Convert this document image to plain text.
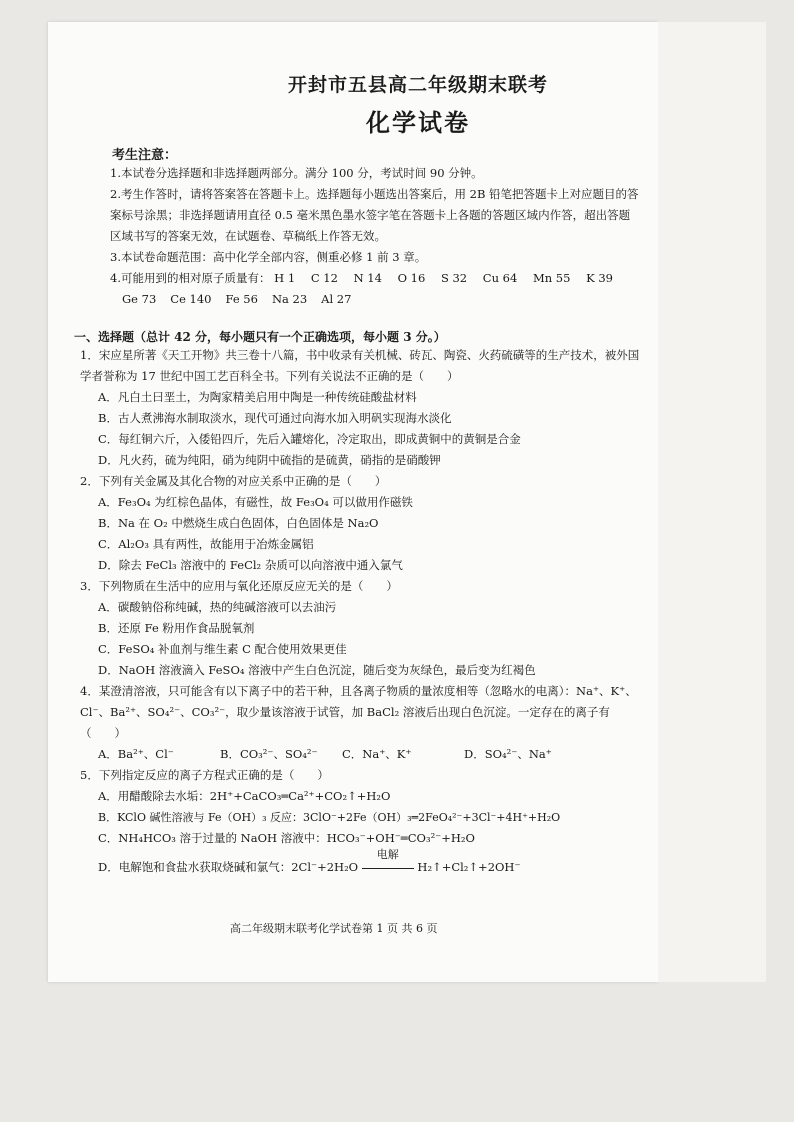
开封市五县高二年级期末联考
化学试卷
考生注意：
1.本试卷分选择题和非选择题两部分。满分 100 分，考试时间 90 分钟。
2.考生作答时，请将答案答在答题卡上。选择题每小题选出答案后，用 2B 铅笔把答题卡上对应题目的答案标号涂黑；非选择题请用直径 0.5 毫米黑色墨水签字笔在答题卡上各题的答题区域内作答，超出答题区域书写的答案无效，在试题卷、草稿纸上作答无效。
3.本试卷命题范围：高中化学全部内容，侧重必修 1 前 3 章。
4.可能用到的相对原子质量有： H 1 C 12 N 14 O 16 S 32 Cu 64 Mn 55 K 39
Ge 73 Ce 140 Fe 56 Na 23 Al 27
一、选择题（总计 42 分，每小题只有一个正确选项，每小题 3 分。）
1．宋应星所著《天工开物》共三卷十八篇，书中收录有关机械、砖瓦、陶瓷、火药硫磺等的生产技术，被外国学者誉称为 17 世纪中国工艺百科全书。下列有关说法不正确的是（　　）
A．凡白土曰垩土，为陶家精美启用中陶是一种传统硅酸盐材料
B．古人煮沸海水制取淡水，现代可通过向海水加入明矾实现海水淡化
C．每红铜六斤，入倭铅四斤，先后入罐熔化，冷定取出，即成黄铜中的黄铜是合金
D．凡火药，硫为纯阳，硝为纯阴中硫指的是硫黄，硝指的是硝酸钾
2．下列有关金属及其化合物的对应关系中正确的是（　　）
A．Fe₃O₄ 为红棕色晶体，有磁性，故 Fe₃O₄ 可以做用作磁铁
B．Na 在 O₂ 中燃烧生成白色固体，白色固体是 Na₂O
C．Al₂O₃ 具有两性，故能用于冶炼金属铝
D．除去 FeCl₃ 溶液中的 FeCl₂ 杂质可以向溶液中通入氯气
3．下列物质在生活中的应用与氧化还原反应无关的是（　　）
A．碳酸钠俗称纯碱，热的纯碱溶液可以去油污
B．还原 Fe 粉用作食品脱氧剂
C．FeSO₄ 补血剂与维生素 C 配合使用效果更佳
D．NaOH 溶液滴入 FeSO₄ 溶液中产生白色沉淀，随后变为灰绿色，最后变为红褐色
4．某澄清溶液，只可能含有以下离子中的若干种，且各离子物质的量浓度相等（忽略水的电离）：Na⁺、K⁺、Cl⁻、Ba²⁺、SO₄²⁻、CO₃²⁻，取少量该溶液于试管，加 BaCl₂ 溶液后出现白色沉淀。一定存在的离子有（　　）
A．Ba²⁺、Cl⁻	B．CO₃²⁻、SO₄²⁻	C．Na⁺、K⁺	D．SO₄²⁻、Na⁺
5．下列指定反应的离子方程式正确的是（　　）
A．用醋酸除去水垢：2H⁺+CaCO₃═Ca²⁺+CO₂↑+H₂O
B．KClO 碱性溶液与 Fe（OH）₃ 反应：3ClO⁻+2Fe（OH）₃═2FeO₄²⁻+3Cl⁻+4H⁺+H₂O
C．NH₄HCO₃ 溶于过量的 NaOH 溶液中：HCO₃⁻+OH⁻═CO₃²⁻+H₂O
D．电解饱和食盐水获取烧碱和氯气：2Cl⁻+2H₂O
电解
H₂↑+Cl₂↑+2OH⁻
高二年级期末联考化学试卷第 1 页 共 6 页
